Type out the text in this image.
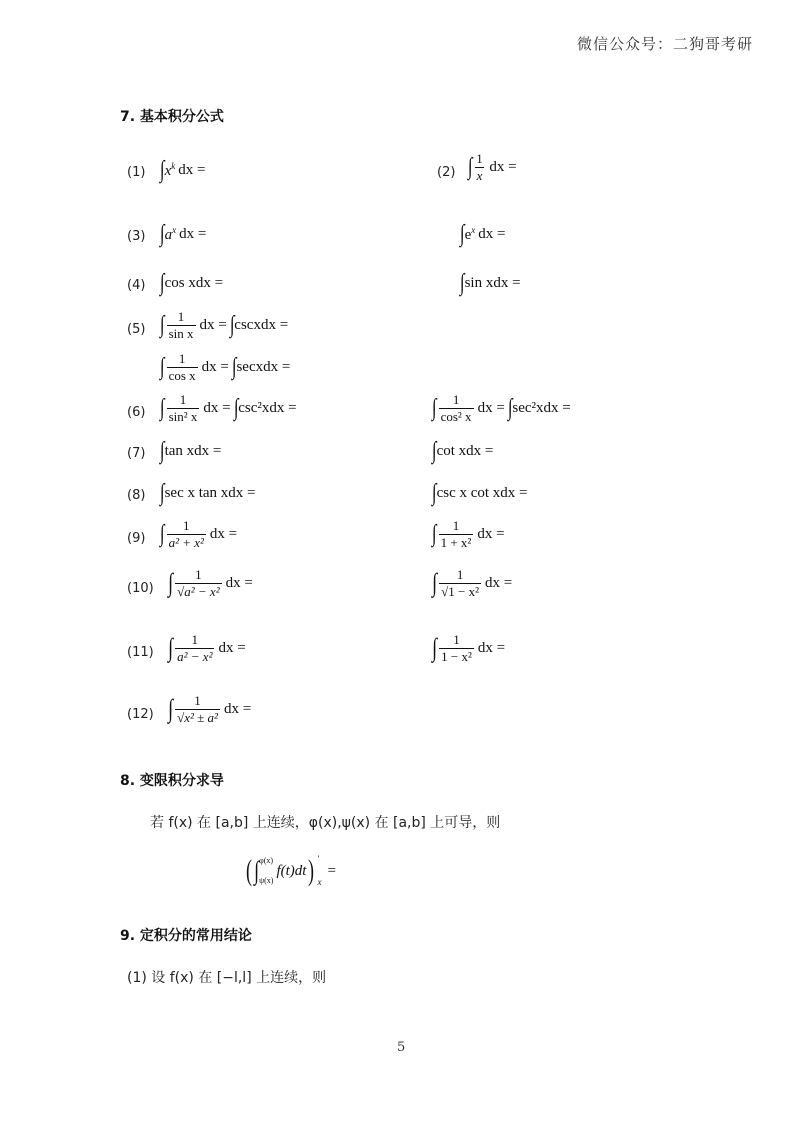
微信公众号：二狗哥考研
7. 基本积分公式
(1) ∫ $x^k$ dx =	(2) ∫ $\frac{1}{x}$ dx =
(3) ∫ $a^x$ dx =	∫ $e^x$ dx =
(4) ∫ cos xdx =	∫ sin xdx =
(5) ∫ $\frac{1}{\text{sin x}}$ dx = ∫ cscxdx =
∫ $\frac{1}{\text{cos x}}$ dx = ∫ secxdx =
(6) ∫ $\frac{1}{\text{sin² x}}$ dx = ∫ csc²xdx =	∫ $\frac{1}{\text{cos² x}}$ dx = ∫ sec²xdx =
(7) ∫ tan xdx =	∫ cot xdx =
(8) ∫ sec x tan xdx =	∫ csc x cot xdx =
(9) ∫ $\frac{1}{\text{a² + x²}}$ dx =	∫ $\frac{1}{\text{1 + x²}}$ dx =
(10) ∫ $\frac{1}{\text{√a² − x²}}$ dx =	∫ $\frac{1}{\text{√1 − x²}}$ dx =
(11) ∫ $\frac{1}{\text{a² − x²}}$ dx =	∫ $\frac{1}{\text{1 − x²}}$ dx =
(12) ∫ $\frac{1}{\text{√x² ± a²}}$ dx =
8. 变限积分求导
若 f(x) 在 [a,b] 上连续，φ(x),ψ(x) 在 [a,b] 上可导，则
( ∫ φ(x)
ψ(x)
f(t)dt ) ′
x
=
9. 定积分的常用结论
(1) 设 f(x) 在 [−l,l] 上连续，则
5
